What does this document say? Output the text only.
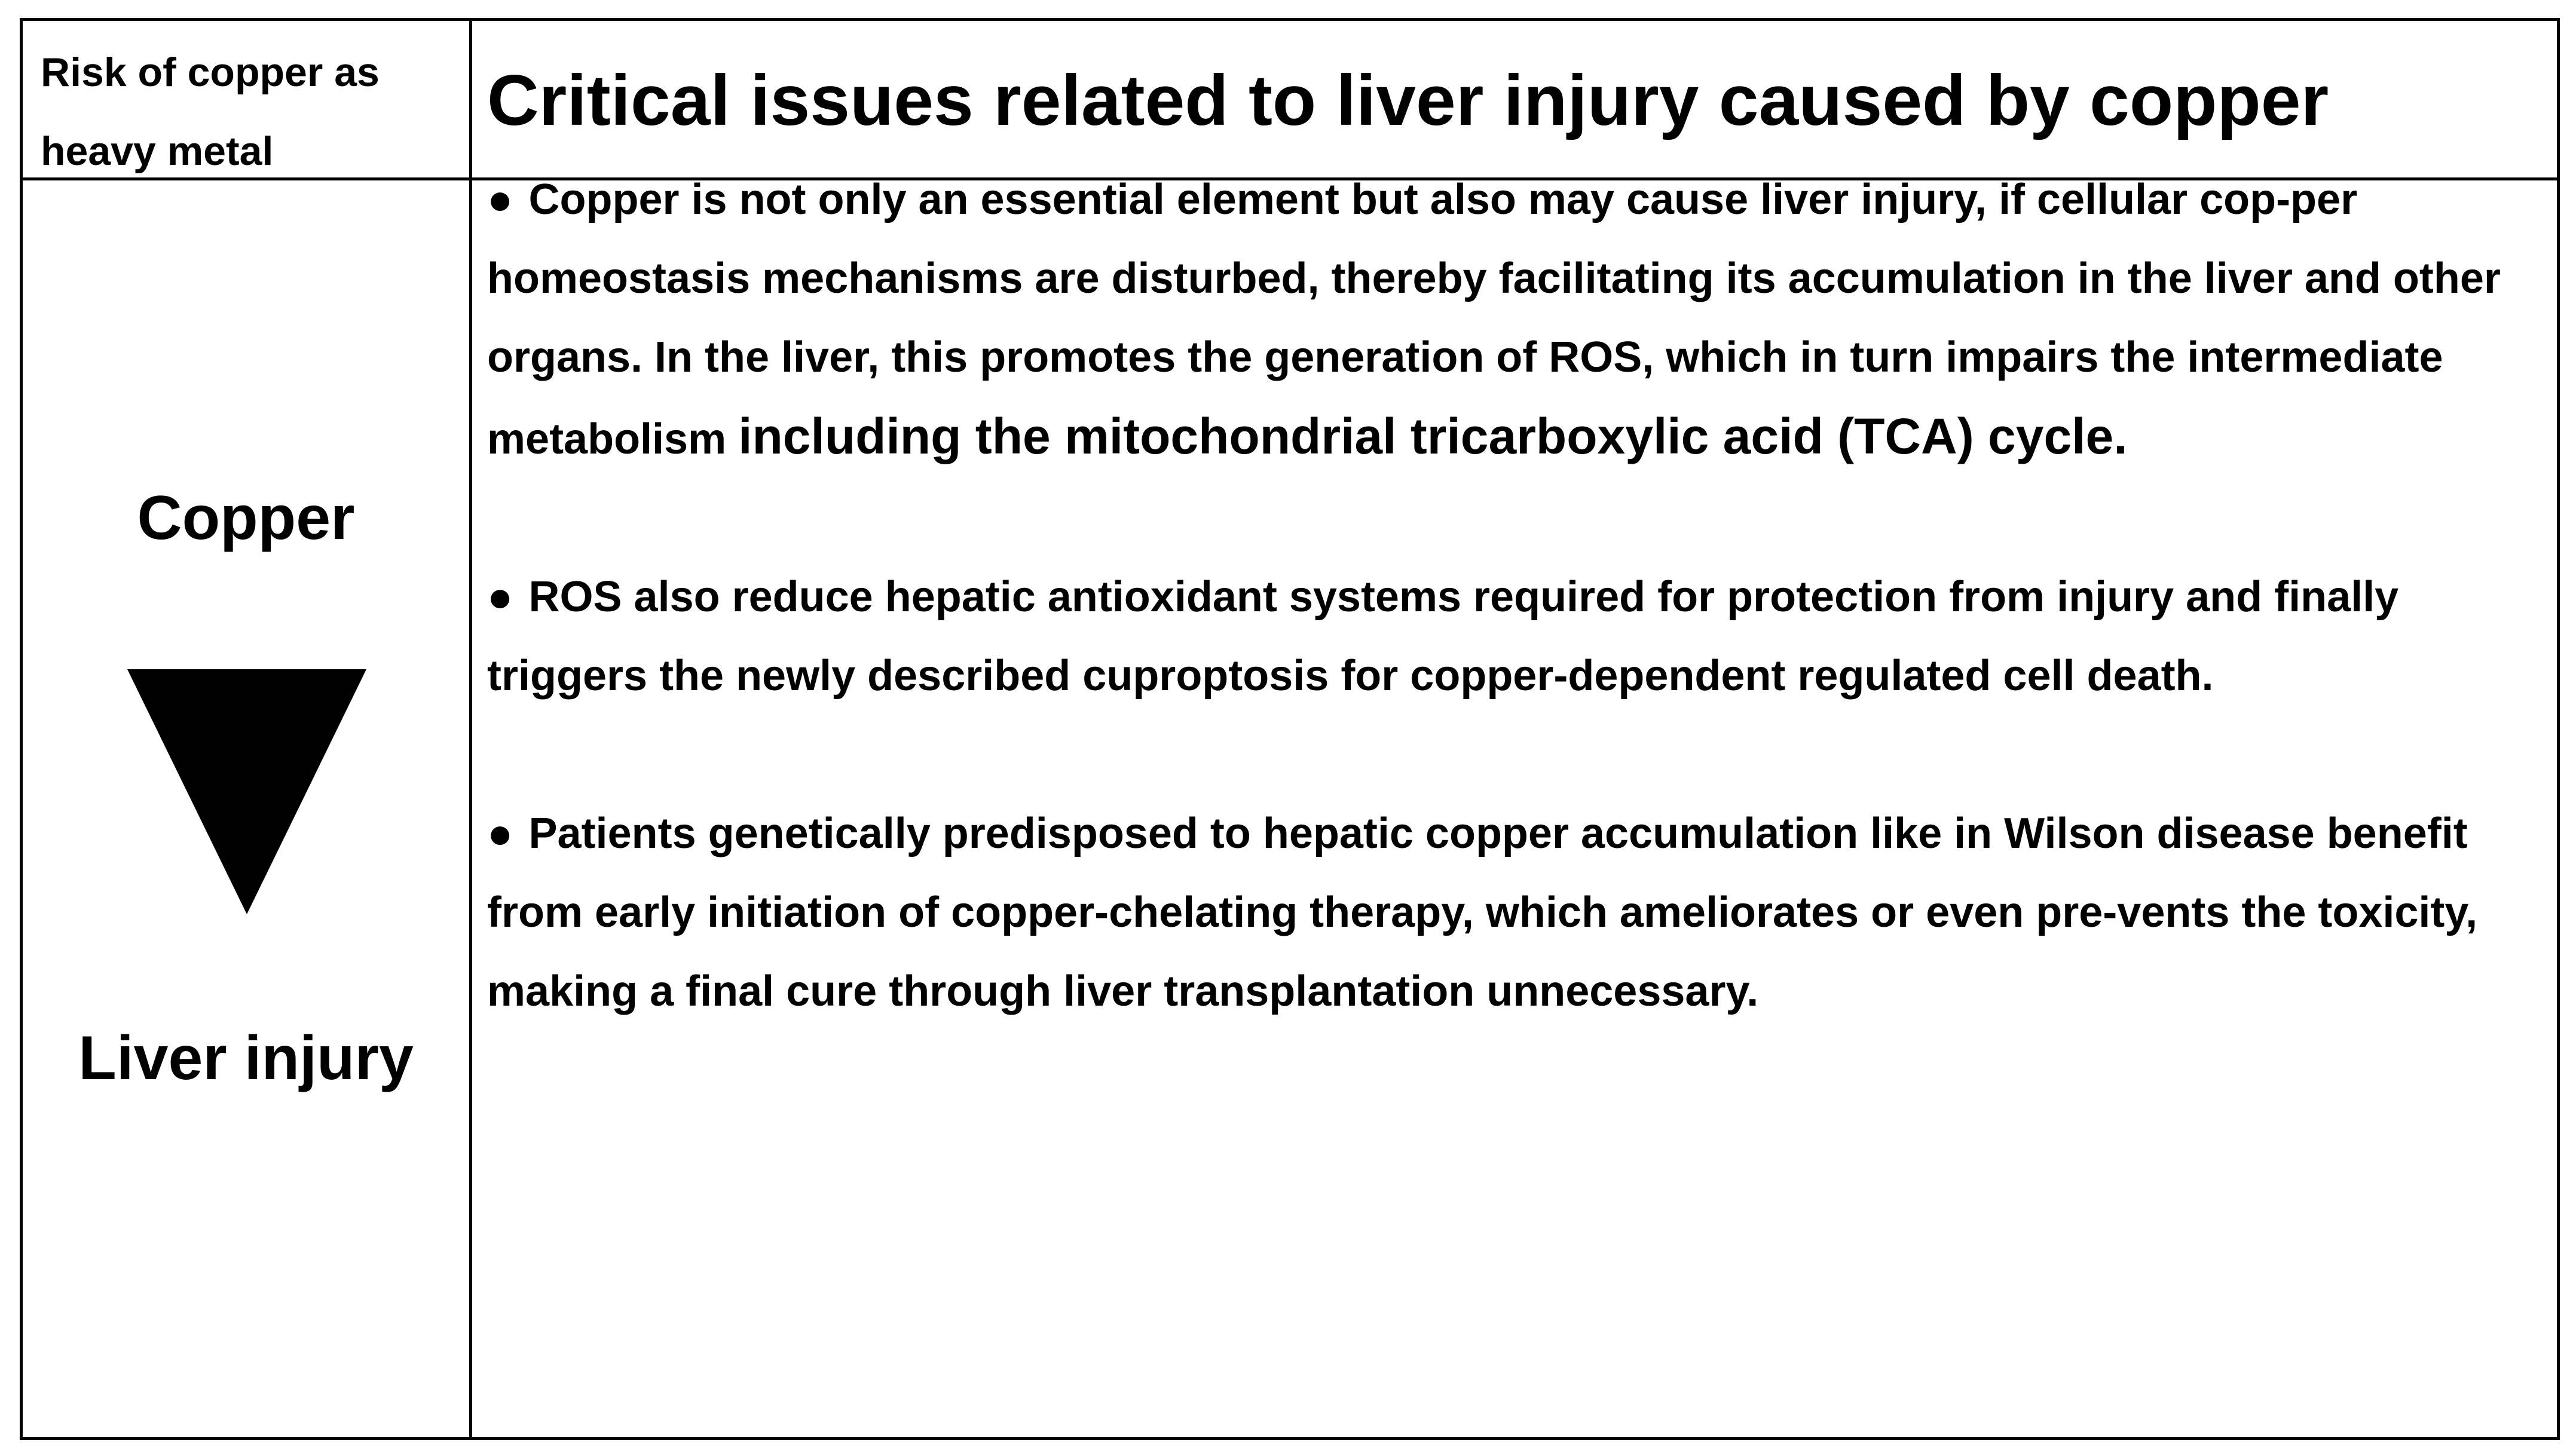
Risk of copper as heavy metal
Critical issues related to liver injury caused by copper
Copper
Liver injury

● Copper is not only an essential element but also may cause liver injury, if cellular cop-per homeostasis mechanisms are disturbed, thereby facilitating its accumulation in the liver and other organs. In the liver, this promotes the generation of ROS, which in turn impairs the intermediate metabolism including the mitochondrial tricarboxylic acid (TCA) cycle.

● ROS also reduce hepatic antioxidant systems required for protection from injury and finally triggers the newly described cuproptosis for copper-dependent regulated cell death.

● Patients genetically predisposed to hepatic copper accumulation like in Wilson disease benefit from early initiation of copper-chelating therapy, which ameliorates or even pre-vents the toxicity, making a final cure through liver transplantation unnecessary.
